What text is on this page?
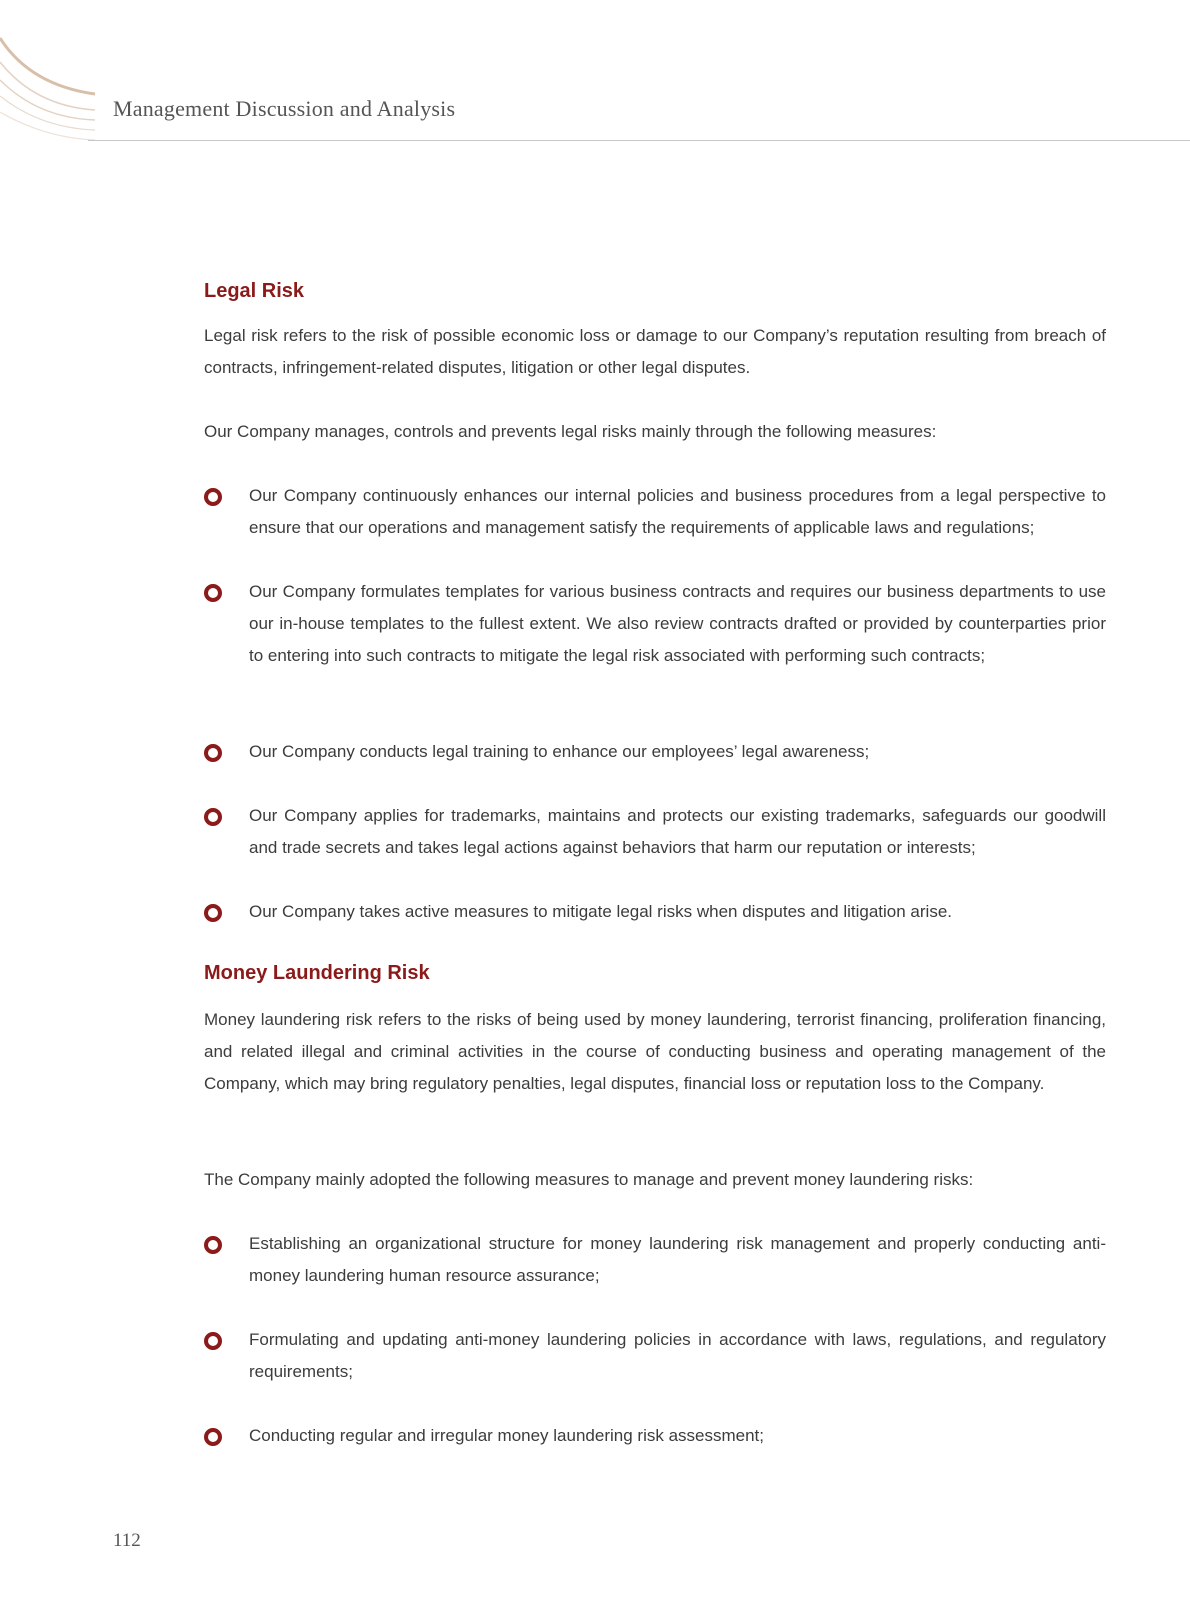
Management Discussion and Analysis
Legal Risk

Legal risk refers to the risk of possible economic loss or damage to our Company’s reputation resulting from breach of contracts, infringement-related disputes, litigation or other legal disputes.

Our Company manages, controls and prevents legal risks mainly through the following measures:

Our Company continuously enhances our internal policies and business procedures from a legal perspective to ensure that our operations and management satisfy the requirements of applicable laws and regulations;

Our Company formulates templates for various business contracts and requires our business departments to use our in-house templates to the fullest extent. We also review contracts drafted or provided by counterparties prior to entering into such contracts to mitigate the legal risk associated with performing such contracts;

Our Company conducts legal training to enhance our employees’ legal awareness;

Our Company applies for trademarks, maintains and protects our existing trademarks, safeguards our goodwill and trade secrets and takes legal actions against behaviors that harm our reputation or interests;

Our Company takes active measures to mitigate legal risks when disputes and litigation arise.

Money Laundering Risk

Money laundering risk refers to the risks of being used by money laundering, terrorist financing, proliferation financing, and related illegal and criminal activities in the course of conducting business and operating management of the Company, which may bring regulatory penalties, legal disputes, financial loss or reputation loss to the Company.

The Company mainly adopted the following measures to manage and prevent money laundering risks:

Establishing an organizational structure for money laundering risk management and properly conducting anti-money laundering human resource assurance;

Formulating and updating anti-money laundering policies in accordance with laws, regulations, and regulatory requirements;

Conducting regular and irregular money laundering risk assessment;

112
